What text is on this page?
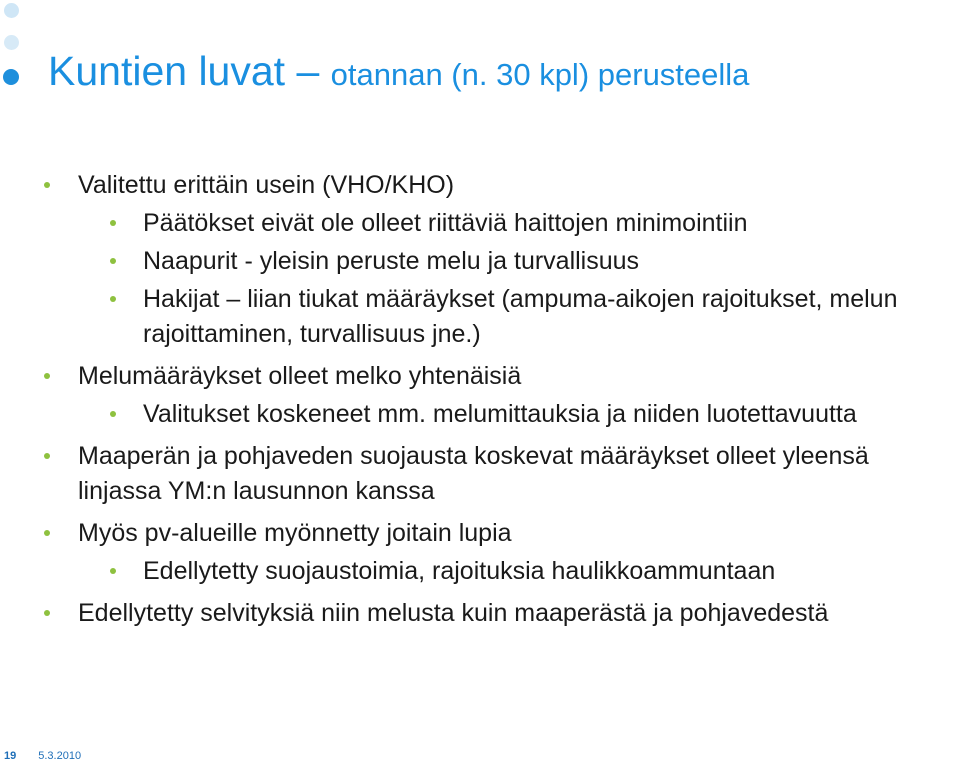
Kuntien luvat – otannan (n. 30 kpl) perusteella
Valitettu erittäin usein (VHO/KHO)
Päätökset eivät ole olleet riittäviä haittojen minimointiin
Naapurit - yleisin peruste melu ja turvallisuus
Hakijat – liian tiukat määräykset (ampuma-aikojen rajoitukset, melun rajoittaminen, turvallisuus jne.)
Melumääräykset olleet melko yhtenäisiä
Valitukset koskeneet mm. melumittauksia ja niiden luotettavuutta
Maaperän ja pohjaveden suojausta koskevat määräykset olleet yleensä linjassa YM:n lausunnon kanssa
Myös pv-alueille myönnetty joitain lupia
Edellytetty suojaustoimia, rajoituksia haulikkoammuntaan
Edellytetty selvityksiä niin melusta kuin maaperästä ja pohjavedestä
19 5.3.2010
